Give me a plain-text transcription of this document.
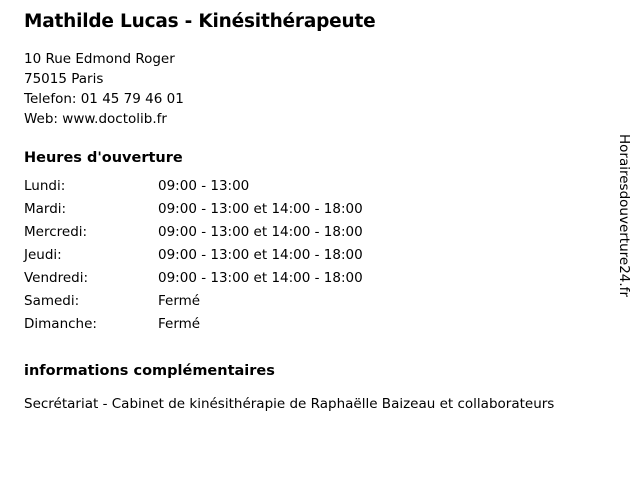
Mathilde Lucas - Kinésithérapeute

10 Rue Edmond Roger

75015 Paris

Telefon: 01 45 79 46 01

Web: www.doctolib.fr

Heures d'ouverture
Lundi:	09:00 - 13:00
Mardi:	09:00 - 13:00 et 14:00 - 18:00
Mercredi:	09:00 - 13:00 et 14:00 - 18:00
Jeudi:	09:00 - 13:00 et 14:00 - 18:00
Vendredi:	09:00 - 13:00 et 14:00 - 18:00
Samedi:	Fermé
Dimanche:	Fermé
informations complémentaires

Secrétariat - Cabinet de kinésithérapie de Raphaëlle Baizeau et collaborateurs

Horairesdouverture24.fr
